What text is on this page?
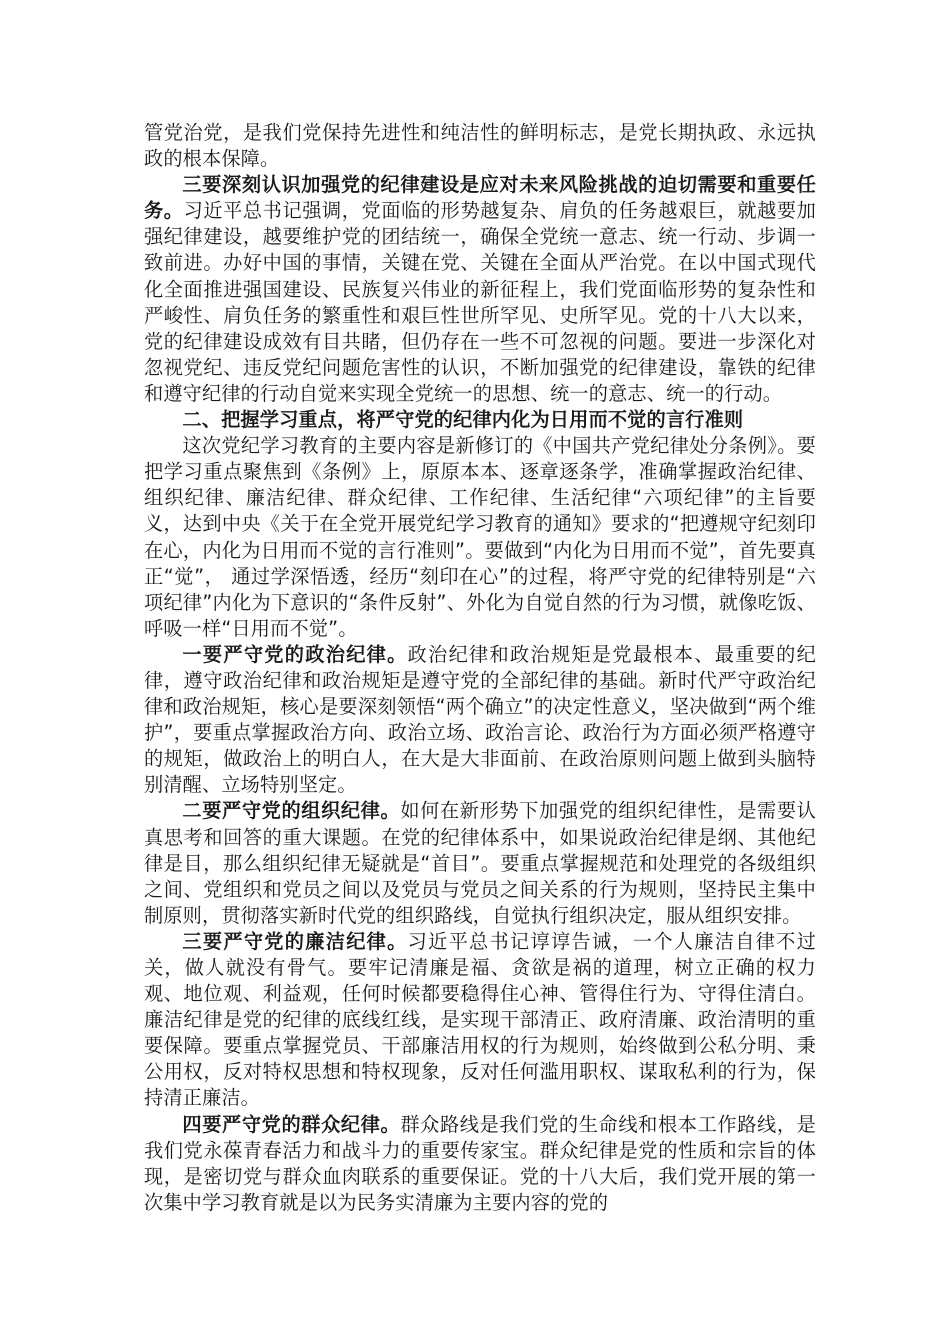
管党治党，是我们党保持先进性和纯洁性的鲜明标志，是党长期执政、永远执政的根本保障。

三要深刻认识加强党的纪律建设是应对未来风险挑战的迫切需要和重要任务。习近平总书记强调，党面临的形势越复杂、肩负的任务越艰巨，就越要加强纪律建设，越要维护党的团结统一，确保全党统一意志、统一行动、步调一致前进。办好中国的事情，关键在党、关键在全面从严治党。在以中国式现代化全面推进强国建设、民族复兴伟业的新征程上，我们党面临形势的复杂性和严峻性、肩负任务的繁重性和艰巨性世所罕见、史所罕见。党的十八大以来，党的纪律建设成效有目共睹，但仍存在一些不可忽视的问题。要进一步深化对忽视党纪、违反党纪问题危害性的认识，不断加强党的纪律建设，靠铁的纪律和遵守纪律的行动自觉来实现全党统一的思想、统一的意志、统一的行动。

二、把握学习重点，将严守党的纪律内化为日用而不觉的言行准则

这次党纪学习教育的主要内容是新修订的《中国共产党纪律处分条例》。要把学习重点聚焦到《条例》上，原原本本、逐章逐条学，准确掌握政治纪律、组织纪律、廉洁纪律、群众纪律、工作纪律、生活纪律“六项纪律”的主旨要义，达到中央《关于在全党开展党纪学习教育的通知》要求的“把遵规守纪刻印在心，内化为日用而不觉的言行准则”。要做到“内化为日用而不觉”，首先要真正“觉”， 通过学深悟透，经历“刻印在心”的过程，将严守党的纪律特别是“六项纪律”内化为下意识的“条件反射”、外化为自觉自然的行为习惯，就像吃饭、呼吸一样“日用而不觉”。

一要严守党的政治纪律。政治纪律和政治规矩是党最根本、最重要的纪律，遵守政治纪律和政治规矩是遵守党的全部纪律的基础。新时代严守政治纪律和政治规矩，核心是要深刻领悟“两个确立”的决定性意义，坚决做到“两个维护”，要重点掌握政治方向、政治立场、政治言论、政治行为方面必须严格遵守的规矩，做政治上的明白人，在大是大非面前、在政治原则问题上做到头脑特别清醒、立场特别坚定。

二要严守党的组织纪律。如何在新形势下加强党的组织纪律性，是需要认真思考和回答的重大课题。在党的纪律体系中，如果说政治纪律是纲、其他纪律是目，那么组织纪律无疑就是“首目”。要重点掌握规范和处理党的各级组织之间、党组织和党员之间以及党员与党员之间关系的行为规则，坚持民主集中制原则，贯彻落实新时代党的组织路线，自觉执行组织决定，服从组织安排。

三要严守党的廉洁纪律。习近平总书记谆谆告诫，一个人廉洁自律不过关，做人就没有骨气。要牢记清廉是福、贪欲是祸的道理，树立正确的权力观、地位观、利益观，任何时候都要稳得住心神、管得住行为、守得住清白。廉洁纪律是党的纪律的底线红线，是实现干部清正、政府清廉、政治清明的重要保障。要重点掌握党员、干部廉洁用权的行为规则，始终做到公私分明、秉公用权，反对特权思想和特权现象，反对任何滥用职权、谋取私利的行为，保持清正廉洁。

四要严守党的群众纪律。群众路线是我们党的生命线和根本工作路线，是我们党永葆青春活力和战斗力的重要传家宝。群众纪律是党的性质和宗旨的体现，是密切党与群众血肉联系的重要保证。党的十八大后，我们党开展的第一次集中学习教育就是以为民务实清廉为主要内容的党的
